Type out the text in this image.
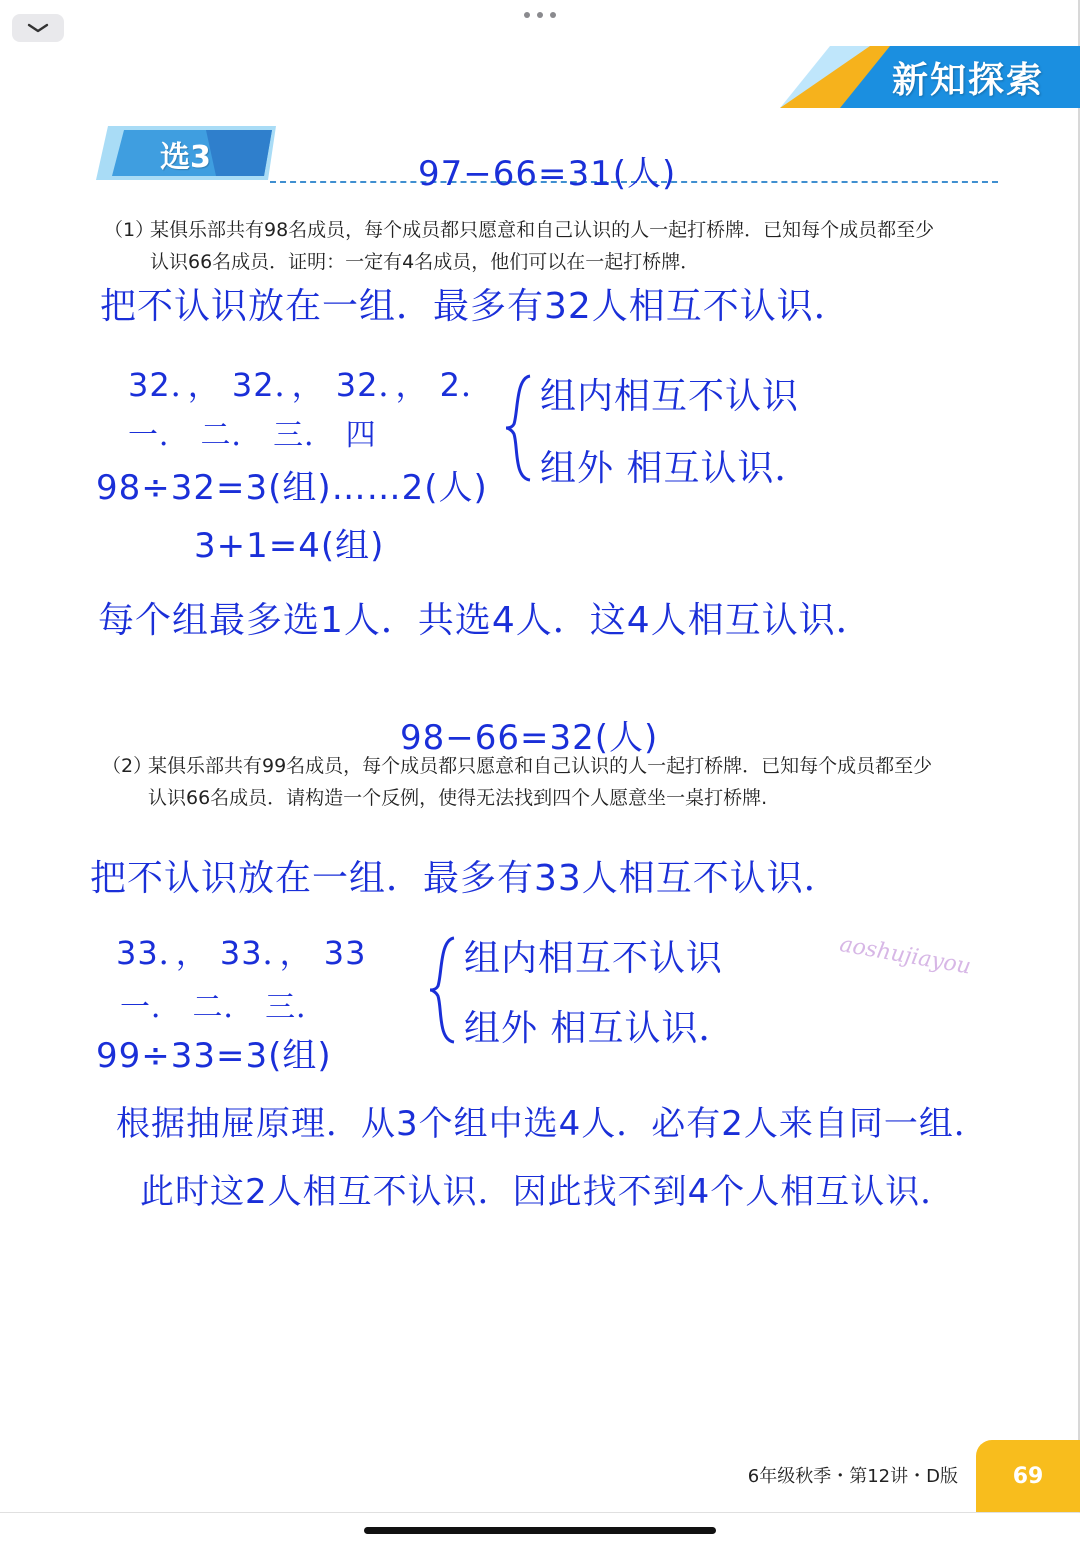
新知探索
选3	97−66=31(人)
（1）某俱乐部共有98名成员，每个成员都只愿意和自己认识的人一起打桥牌．已知每个成员都至少
认识66名成员．证明：一定有4名成员，他们可以在一起打桥牌．
把不认识放在一组．最多有32人相互不认识．
32．， 32．， 32．， 2．
一． 二． 三． 四
98÷32=3(组)……2(人)
3+1=4(组)
组内相互不认识
组外 相互认识．
每个组最多选1人．共选4人．这4人相互认识．
98−66=32(人)
（2）某俱乐部共有99名成员，每个成员都只愿意和自己认识的人一起打桥牌．已知每个成员都至少
认识66名成员．请构造一个反例，使得无法找到四个人愿意坐一桌打桥牌.
把不认识放在一组．最多有33人相互不认识．
33．， 33．， 33
一． 二． 三．
99÷33=3(组)
组内相互不认识
组外 相互认识．
aoshujiayou
根据抽屉原理．从3个组中选4人．必有2人来自同一组．
此时这2人相互不认识．因此找不到4个人相互认识．
6年级秋季・第12讲・D版	69
